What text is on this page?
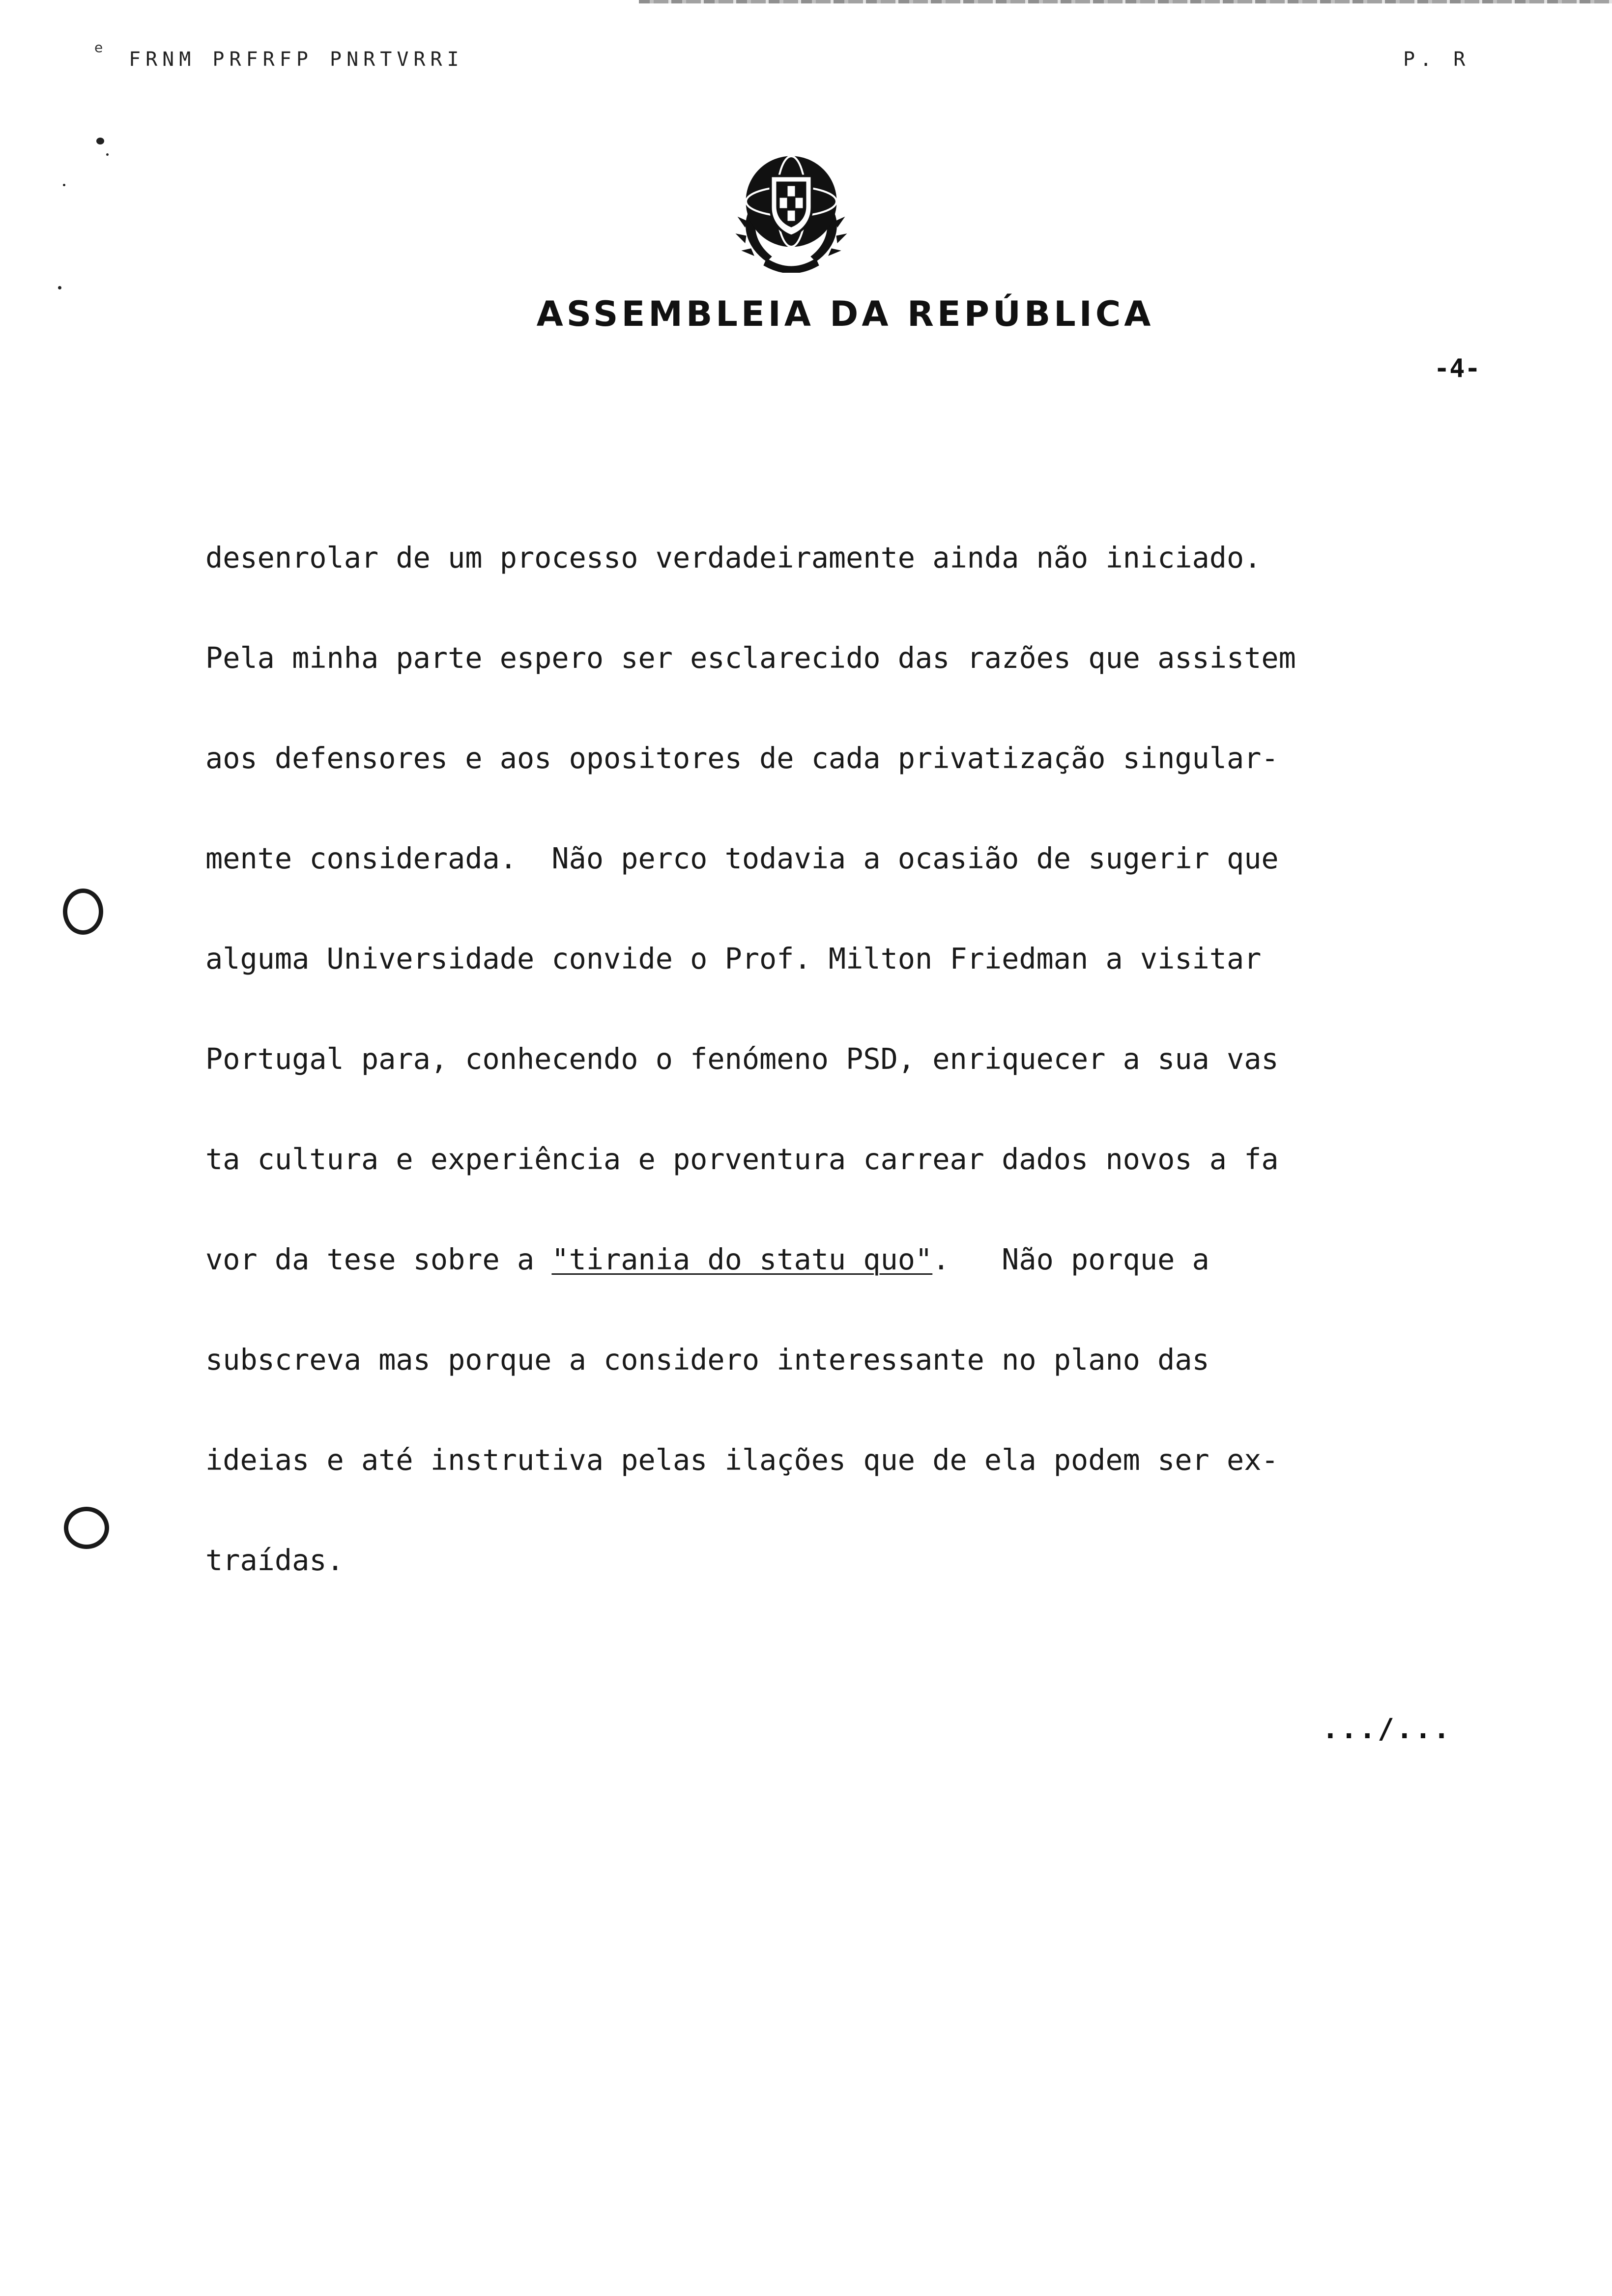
e
FRNM PRFRFP PNRTVRRI	P. R
ASSEMBLEIA DA REPÚBLICA
-4-
desenrolar de um processo verdadeiramente ainda não iniciado.
Pela minha parte espero ser esclarecido das razões que assistem
aos defensores e aos opositores de cada privatização singular-
mente considerada.  Não perco todavia a ocasião de sugerir que
alguma Universidade convide o Prof. Milton Friedman a visitar
Portugal para, conhecendo o fenómeno PSD, enriquecer a sua vas
ta cultura e experiência e porventura carrear dados novos a fa
vor da tese sobre a "tirania do statu quo".   Não porque a
subscreva mas porque a considero interessante no plano das
ideias e até instrutiva pelas ilações que de ela podem ser ex-
traídas.
.../...
